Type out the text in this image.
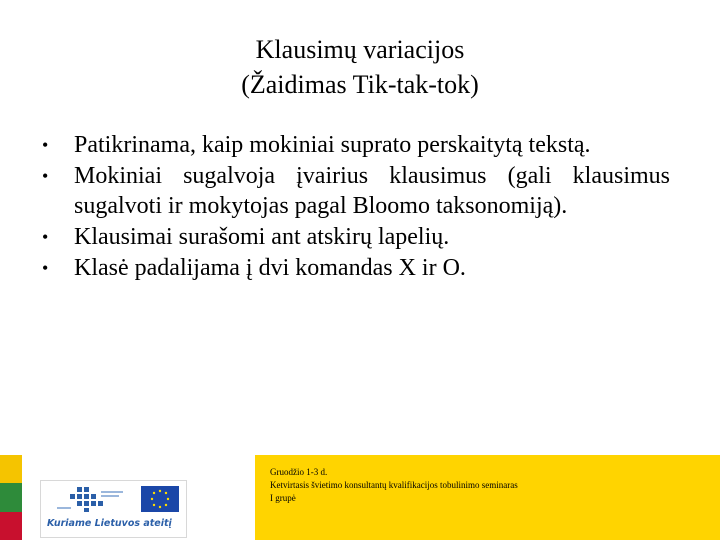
Klausimų variacijos
(Žaidimas Tik-tak-tok)
• Patikrinama, kaip mokiniai suprato perskaitytą tekstą.
• Mokiniai sugalvoja įvairius klausimus (gali klausimus sugalvoti ir mokytojas pagal Bloomo taksonomiją).
• Klausimai surašomi ant atskirų lapelių.
• Klasė padalijama į dvi komandas X ir O.
Kuriame Lietuvos ateitį
Gruodžio 1-3 d.
Ketvirtasis švietimo konsultantų kvalifikacijos tobulinimo seminaras
I grupė
